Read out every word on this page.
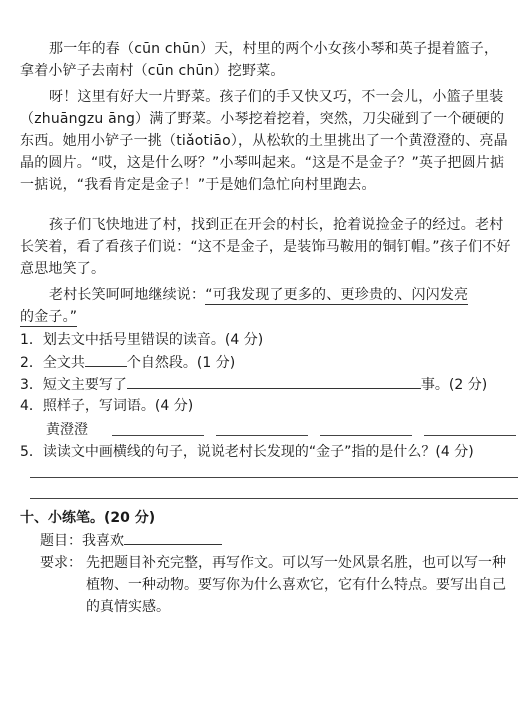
那一年的春（cūn chūn）天，村里的两个小女孩小琴和英子提着篮子，
拿着小铲子去南村（cūn chūn）挖野菜。

呀！这里有好大一片野菜。孩子们的手又快又巧，不一会儿，小篮子里装（zhuāngzu āng）满了野菜。小琴挖着挖着，突然，刀尖碰到了一个硬硬的东西。她用小铲子一挑（tiǎotiāo），从松软的土里挑出了一个黄澄澄的、亮晶晶的圆片。“哎，这是什么呀？”小琴叫起来。“这是不是金子？”英子把圆片掂一掂说，“我看肯定是金子！”于是她们急忙向村里跑去。

孩子们飞快地进了村，找到正在开会的村长，抢着说捡金子的经过。老村长笑着，看了看孩子们说：“这不是金子，是装饰马鞍用的铜钉帽。”孩子们不好意思地笑了。

老村长笑呵呵地继续说：“可我发现了更多的、更珍贵的、闪闪发亮
的金子。”
1．划去文中括号里错误的读音。(4 分)
2．全文共	个自然段。(1 分)
3．短文主要写了	事。(2 分)
4．照样子，写词语。(4 分)
黄澄澄
5．读读文中画横线的句子，说说老村长发现的“金子”指的是什么？(4 分)
十、小练笔。(20 分)
题目：我喜欢
要求： 先把题目补充完整，再写作文。可以写一处风景名胜，也可以写一种植物、一种动物。要写你为什么喜欢它，它有什么特点。要写出自己的真情实感。
